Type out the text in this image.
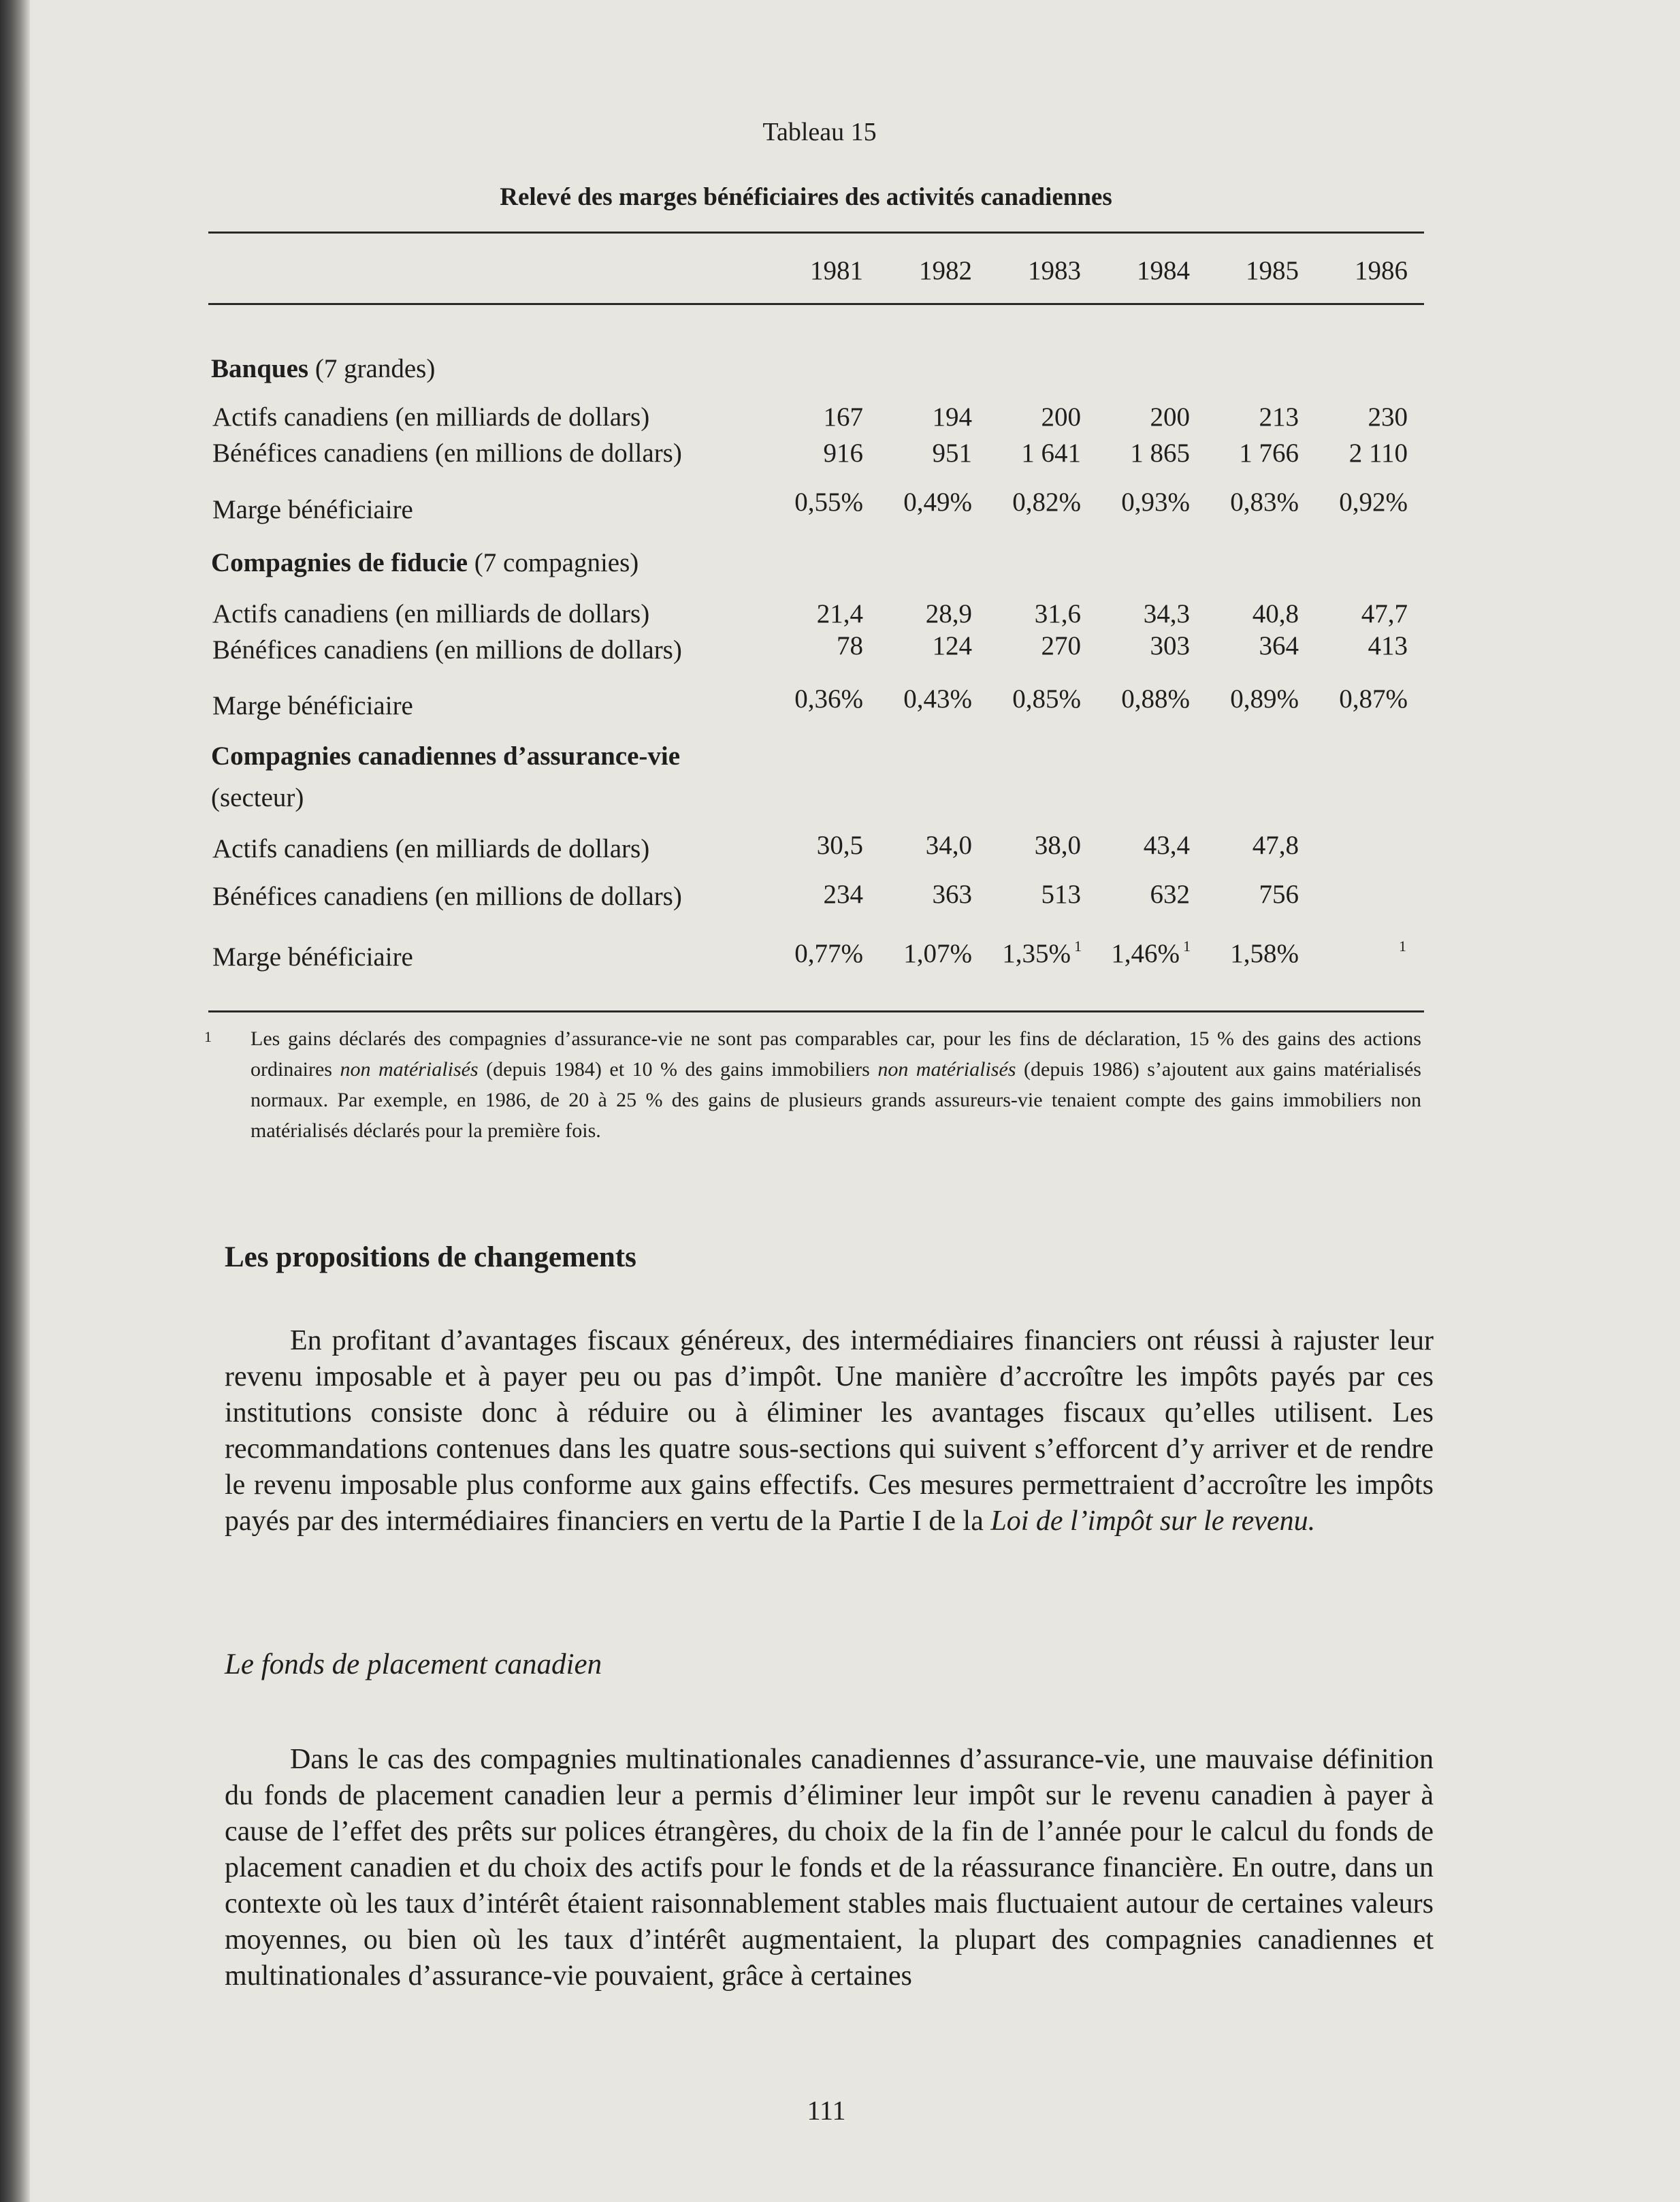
Tableau 15
Relevé des marges bénéficiaires des activités canadiennes
1981	1982	1983	1984	1985	1986
Banques (7 grandes)
Actifs canadiens (en milliards de dollars)	167	194	200	200	213	230
Bénéfices canadiens (en millions de dollars)	916	951	1 641	1 865	1 766	2 110
Marge bénéficiaire	0,55%	0,49%	0,82%	0,93%	0,83%	0,92%
Compagnies de fiducie (7 compagnies)
Actifs canadiens (en milliards de dollars)	21,4	28,9	31,6	34,3	40,8	47,7
Bénéfices canadiens (en millions de dollars)	78	124	270	303	364	413
Marge bénéficiaire	0,36%	0,43%	0,85%	0,88%	0,89%	0,87%
Compagnies canadiennes d’assurance-vie
(secteur)
Actifs canadiens (en milliards de dollars)	30,5	34,0	38,0	43,4	47,8
Bénéfices canadiens (en millions de dollars)	234	363	513	632	756
Marge bénéficiaire	0,77%	1,07%	1,35% 1	1,46% 1	1,58%	1
1 Les gains déclarés des compagnies d’assurance-vie ne sont pas comparables car, pour les fins de déclaration, 15 % des gains des actions ordinaires non matérialisés (depuis 1984) et 10 % des gains immobiliers non matérialisés (depuis 1986) s’ajoutent aux gains matérialisés normaux. Par exemple, en 1986, de 20 à 25 % des gains de plusieurs grands assureurs-vie tenaient compte des gains immobiliers non matérialisés déclarés pour la première fois.
Les propositions de changements
En profitant d’avantages fiscaux généreux, des intermédiaires financiers ont réussi à rajuster leur revenu imposable et à payer peu ou pas d’impôt. Une manière d’accroître les impôts payés par ces institutions consiste donc à réduire ou à éliminer les avantages fiscaux qu’elles utilisent. Les recommandations contenues dans les quatre sous-sections qui suivent s’efforcent d’y arriver et de rendre le revenu imposable plus conforme aux gains effectifs. Ces mesures permettraient d’accroître les impôts payés par des intermédiaires financiers en vertu de la Partie I de la Loi de l’impôt sur le revenu.
Le fonds de placement canadien
Dans le cas des compagnies multinationales canadiennes d’assurance-vie, une mauvaise définition du fonds de placement canadien leur a permis d’éliminer leur impôt sur le revenu canadien à payer à cause de l’effet des prêts sur polices étrangères, du choix de la fin de l’année pour le calcul du fonds de placement canadien et du choix des actifs pour le fonds et de la réassurance financière. En outre, dans un contexte où les taux d’intérêt étaient raisonnablement stables mais fluctuaient autour de certaines valeurs moyennes, ou bien où les taux d’intérêt augmentaient, la plupart des compagnies canadiennes et multinationales d’assurance-vie pouvaient, grâce à certaines
111
